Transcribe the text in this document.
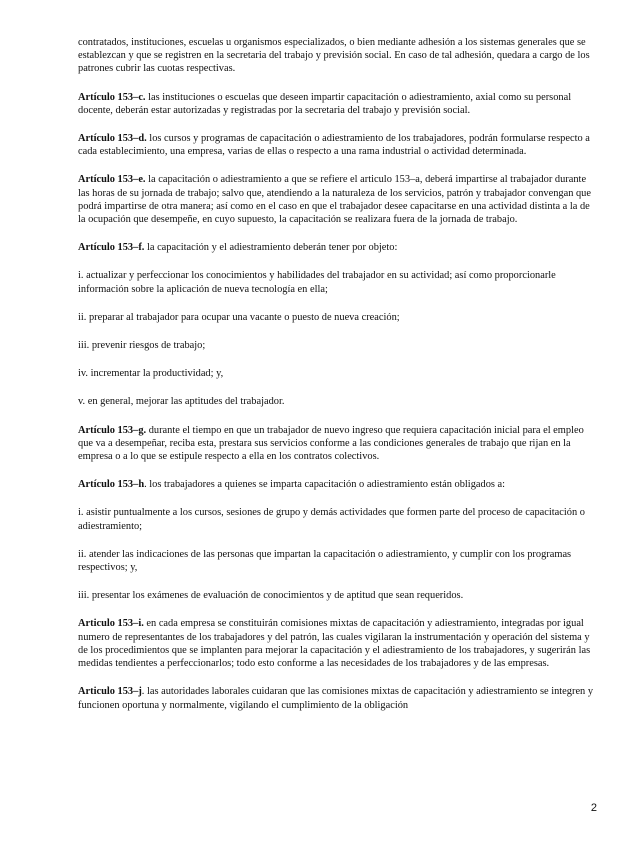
contratados, instituciones, escuelas u organismos especializados, o bien mediante adhesión a los sistemas generales que se establezcan y que se registren en la secretaria del trabajo y previsión social. En caso de tal adhesión, quedara a cargo de los patrones cubrir las cuotas respectivas.

Artículo 153–c. las instituciones o escuelas que deseen impartir capacitación o adiestramiento, axial como su personal docente, deberán estar autorizadas y registradas por la secretaria del trabajo y previsión social.

Artículo 153–d. los cursos y programas de capacitación o adiestramiento de los trabajadores, podrán formularse respecto a cada establecimiento, una empresa, varias de ellas o respecto a una rama industrial o actividad determinada.

Artículo 153–e. la capacitación o adiestramiento a que se refiere el articulo 153–a, deberá impartirse al trabajador durante las horas de su jornada de trabajo; salvo que, atendiendo a la naturaleza de los servicios, patrón y trabajador convengan que podrá impartirse de otra manera; así como en el caso en que el trabajador desee capacitarse en una actividad distinta a la de la ocupación que desempeñe, en cuyo supuesto, la capacitación se realizara fuera de la jornada de trabajo.

Artículo 153–f. la capacitación y el adiestramiento deberán tener por objeto:

i. actualizar y perfeccionar los conocimientos y habilidades del trabajador en su actividad; así como proporcionarle información sobre la aplicación de nueva tecnología en ella;

ii. preparar al trabajador para ocupar una vacante o puesto de nueva creación;

iii. prevenir riesgos de trabajo;

iv. incrementar la productividad; y,

v. en general, mejorar las aptitudes del trabajador.

Artículo 153–g. durante el tiempo en que un trabajador de nuevo ingreso que requiera capacitación inicial para el empleo que va a desempeñar, reciba esta, prestara sus servicios conforme a las condiciones generales de trabajo que rijan en la empresa o a lo que se estipule respecto a ella en los contratos colectivos.

Artículo 153–h. los trabajadores a quienes se imparta capacitación o adiestramiento están obligados a:

i. asistir puntualmente a los cursos, sesiones de grupo y demás actividades que formen parte del proceso de capacitación o adiestramiento;

ii. atender las indicaciones de las personas que impartan la capacitación o adiestramiento, y cumplir con los programas respectivos; y,

iii. presentar los exámenes de evaluación de conocimientos y de aptitud que sean requeridos.

Articulo 153–i. en cada empresa se constituirán comisiones mixtas de capacitación y adiestramiento, integradas por igual numero de representantes de los trabajadores y del patrón, las cuales vigilaran la instrumentación y operación del sistema y de los procedimientos que se implanten para mejorar la capacitación y el adiestramiento de los trabajadores, y sugerirán las medidas tendientes a perfeccionarlos; todo esto conforme a las necesidades de los trabajadores y de las empresas.

Articulo 153–j. las autoridades laborales cuidaran que las comisiones mixtas de capacitación y adiestramiento se integren y funcionen oportuna y normalmente, vigilando el cumplimiento de la obligación

2
